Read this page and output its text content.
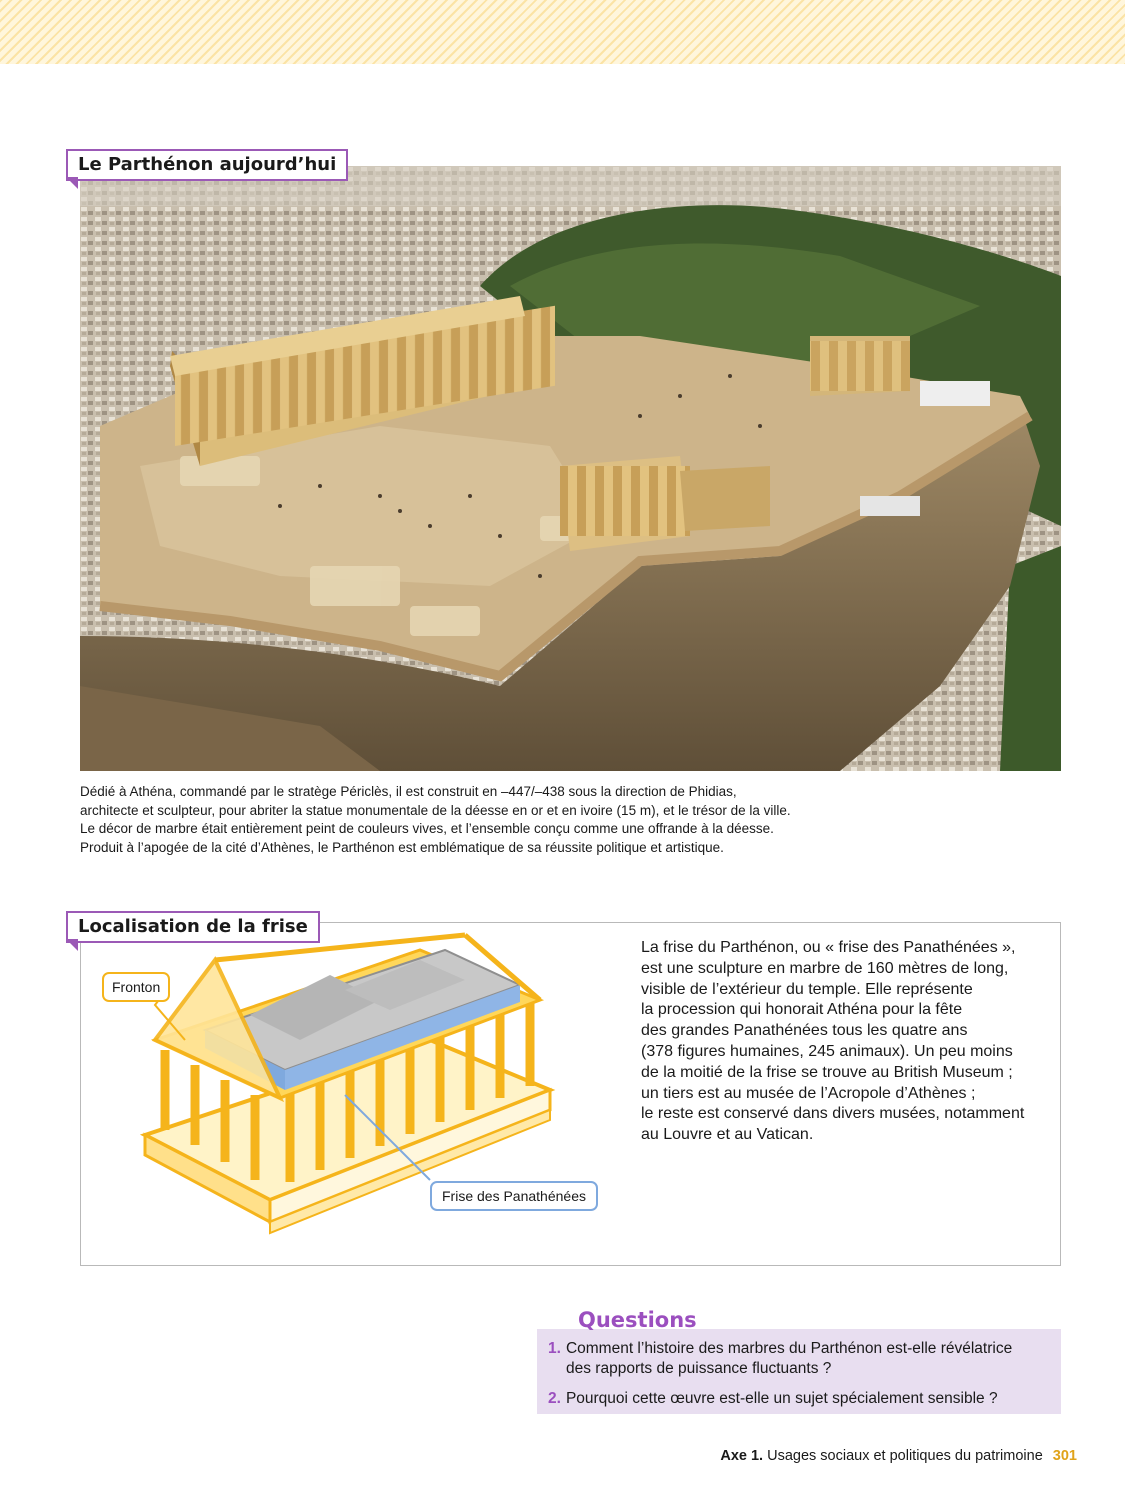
Le Parthénon aujourd’hui
Dédié à Athéna, commandé par le stratège Périclès, il est construit en –447/–438 sous la direction de Phidias,
architecte et sculpteur, pour abriter la statue monumentale de la déesse en or et en ivoire (15 m), et le trésor de la ville.
Le décor de marbre était entièrement peint de couleurs vives, et l’ensemble conçu comme une offrande à la déesse.
Produit à l’apogée de la cité d’Athènes, le Parthénon est emblématique de sa réussite politique et artistique.
Localisation de la frise
Fronton
Frise des Panathénées
La frise du Parthénon, ou « frise des Panathénées »,
est une sculpture en marbre de 160 mètres de long,
visible de l’extérieur du temple. Elle représente
la procession qui honorait Athéna pour la fête
des grandes Panathénées tous les quatre ans
(378 figures humaines, 245 animaux). Un peu moins
de la moitié de la frise se trouve au British Museum ;
un tiers est au musée de l’Acropole d’Athènes ;
le reste est conservé dans divers musées, notamment
au Louvre et au Vatican.
Questions
1. Comment l’histoire des marbres du Parthénon est-elle révélatrice
des rapports de puissance fluctuants ?
2. Pourquoi cette œuvre est-elle un sujet spécialement sensible ?
Axe 1. Usages sociaux et politiques du patrimoine 301
